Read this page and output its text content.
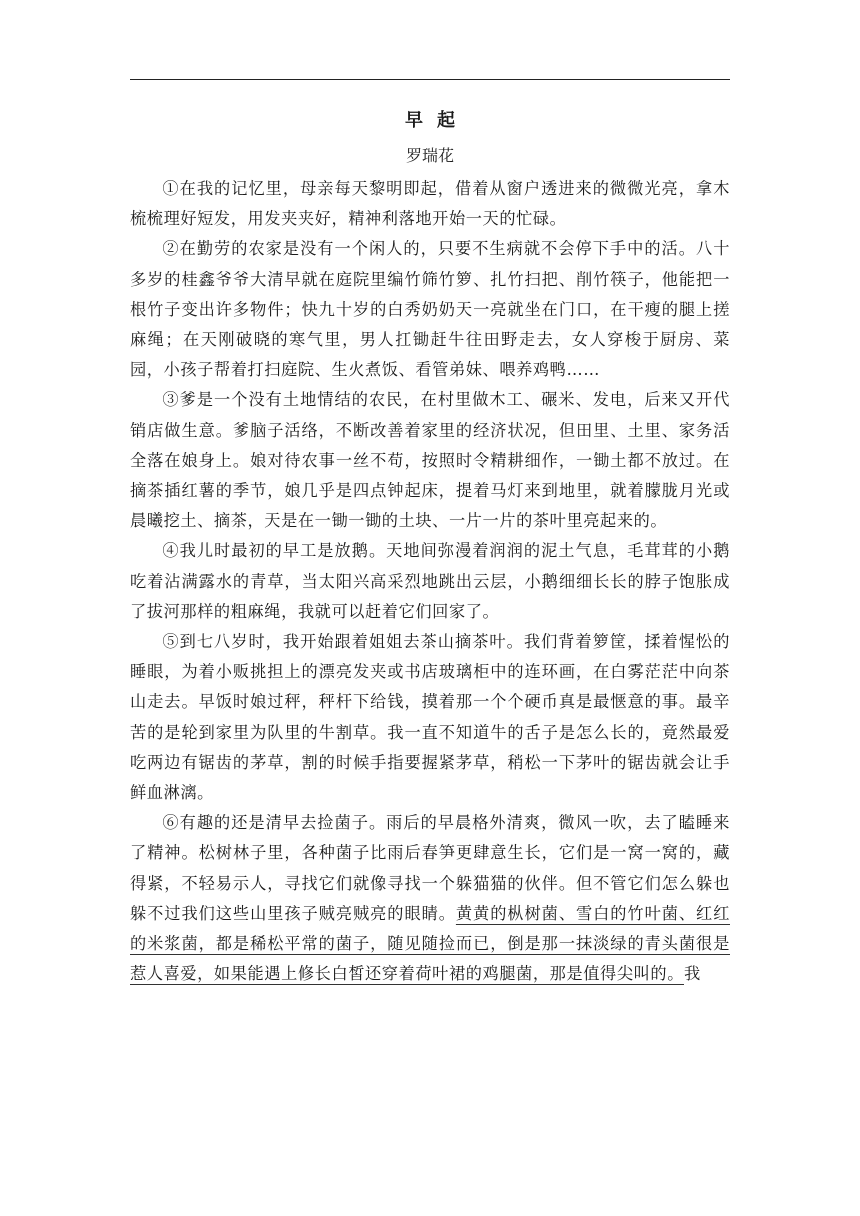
早起
罗瑞花

①在我的记忆里，母亲每天黎明即起，借着从窗户透进来的微微光亮，拿木梳梳理好短发，用发夹夹好，精神利落地开始一天的忙碌。

②在勤劳的农家是没有一个闲人的，只要不生病就不会停下手中的活。八十多岁的桂鑫爷爷大清早就在庭院里编竹筛竹箩、扎竹扫把、削竹筷子，他能把一根竹子变出许多物件；快九十岁的白秀奶奶天一亮就坐在门口，在干瘦的腿上搓麻绳；在天刚破晓的寒气里，男人扛锄赶牛往田野走去，女人穿梭于厨房、菜园，小孩子帮着打扫庭院、生火煮饭、看管弟妹、喂养鸡鸭……

③爹是一个没有土地情结的农民，在村里做木工、碾米、发电，后来又开代销店做生意。爹脑子活络，不断改善着家里的经济状况，但田里、土里、家务活全落在娘身上。娘对待农事一丝不苟，按照时令精耕细作，一锄土都不放过。在摘茶插红薯的季节，娘几乎是四点钟起床，提着马灯来到地里，就着朦胧月光或晨曦挖土、摘茶，天是在一锄一锄的土块、一片一片的茶叶里亮起来的。

④我儿时最初的早工是放鹅。天地间弥漫着润润的泥土气息，毛茸茸的小鹅吃着沾满露水的青草，当太阳兴高采烈地跳出云层，小鹅细细长长的脖子饱胀成了拔河那样的粗麻绳，我就可以赶着它们回家了。

⑤到七八岁时，我开始跟着姐姐去茶山摘茶叶。我们背着箩筐，揉着惺忪的睡眼，为着小贩挑担上的漂亮发夹或书店玻璃柜中的连环画，在白雾茫茫中向茶山走去。早饭时娘过秤，秤杆下给钱，摸着那一个个硬币真是最惬意的事。最辛苦的是轮到家里为队里的牛割草。我一直不知道牛的舌子是怎么长的，竟然最爱吃两边有锯齿的茅草，割的时候手指要握紧茅草，稍松一下茅叶的锯齿就会让手鲜血淋漓。

⑥有趣的还是清早去捡菌子。雨后的早晨格外清爽，微风一吹，去了瞌睡来了精神。松树林子里，各种菌子比雨后春笋更肆意生长，它们是一窝一窝的，藏得紧，不轻易示人，寻找它们就像寻找一个躲猫猫的伙伴。但不管它们怎么躲也躲不过我们这些山里孩子贼亮贼亮的眼睛。黄黄的枞树菌、雪白的竹叶菌、红红的米浆菌，都是稀松平常的菌子，随见随捡而已，倒是那一抹淡绿的青头菌很是惹人喜爱，如果能遇上修长白皙还穿着荷叶裙的鸡腿菌，那是值得尖叫的。我
